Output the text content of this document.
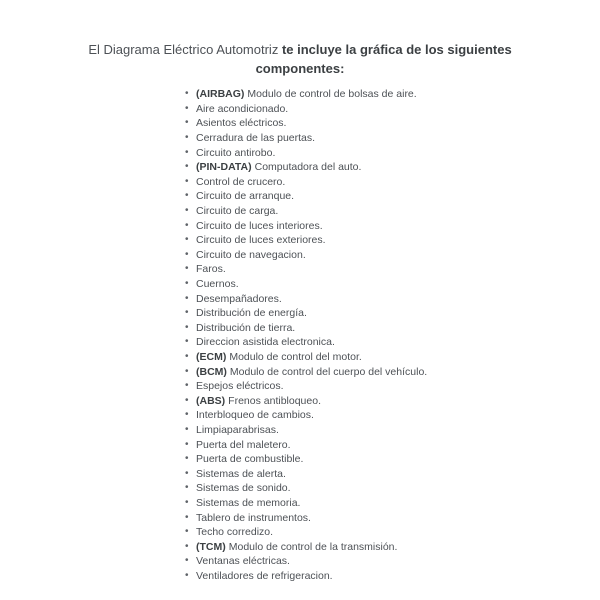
El Diagrama Eléctrico Automotriz te incluye la gráfica de los siguientes
componentes:
• (AIRBAG) Modulo de control de bolsas de aire.
• Aire acondicionado.
• Asientos eléctricos.
• Cerradura de las puertas.
• Circuito antirobo.
• (PIN-DATA) Computadora del auto.
• Control de crucero.
• Circuito de arranque.
• Circuito de carga.
• Circuito de luces interiores.
• Circuito de luces exteriores.
• Circuito de navegacion.
• Faros.
• Cuernos.
• Desempañadores.
• Distribución de energía.
• Distribución de tierra.
• Direccion asistida electronica.
• (ECM) Modulo de control del motor.
• (BCM) Modulo de control del cuerpo del vehículo.
• Espejos eléctricos.
• (ABS) Frenos antibloqueo.
• Interbloqueo de cambios.
• Limpiaparabrisas.
• Puerta del maletero.
• Puerta de combustible.
• Sistemas de alerta.
• Sistemas de sonido.
• Sistemas de memoria.
• Tablero de instrumentos.
• Techo corredizo.
• (TCM) Modulo de control de la transmisión.
• Ventanas eléctricas.
• Ventiladores de refrigeracion.
